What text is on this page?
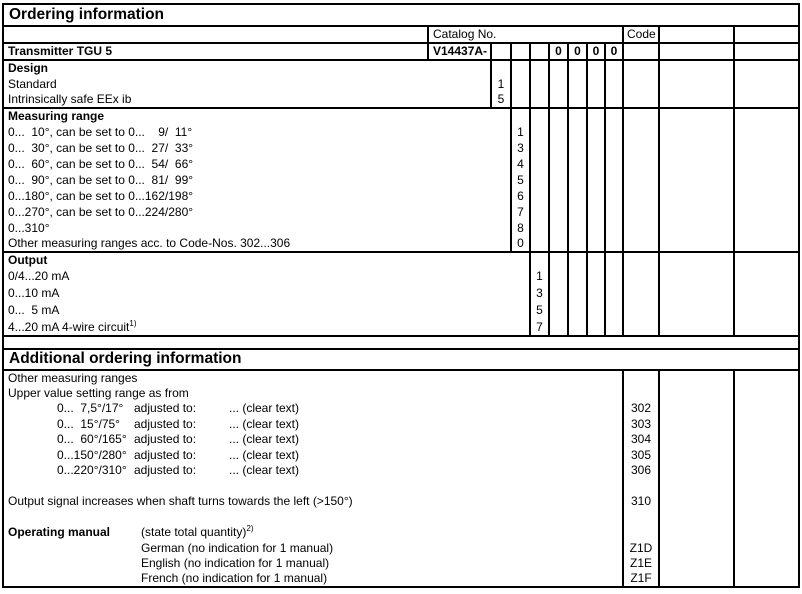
Ordering information											
	Catalog No.								Code		
Transmitter TGU 5	V14437A-				0	0	0	0			
Design											
Standard		1									
Intrinsically safe EEx ib		5									
Measuring range											
0...  10°, can be set to 0...    9/  11°			1								
0...  30°, can be set to 0...  27/  33°			3								
0...  60°, can be set to 0...  54/  66°			4								
0...  90°, can be set to 0...  81/  99°			5								
0...180°, can be set to 0...162/198°			6								
0...270°, can be set to 0...224/280°			7								
0...310°			8								
Other measuring ranges acc. to Code-Nos. 302...306			0								
Output											
0/4...20 mA				1							
0...10 mA				3							
0...  5 mA				5							
4...20 mA 4-wire circuit$^{1)}$				7							

Additional ordering information											
Other measuring ranges											
Upper value setting range as from											
0...  7,5°/17° adjusted to: ... (clear text)									302		
0...  15°/75° adjusted to: ... (clear text)									303		
0...  60°/165° adjusted to: ... (clear text)									304		
0...150°/280° adjusted to: ... (clear text)									305		
0...220°/310° adjusted to: ... (clear text)									306		

Output signal increases when shaft turns towards the left (>150°)									310		

Operating manual (state total quantity)$^{2)}$			
German (no indication for 1 manual)									Z1D		
English (no indication for 1 manual)									Z1E		
French (no indication for 1 manual)									Z1F		
